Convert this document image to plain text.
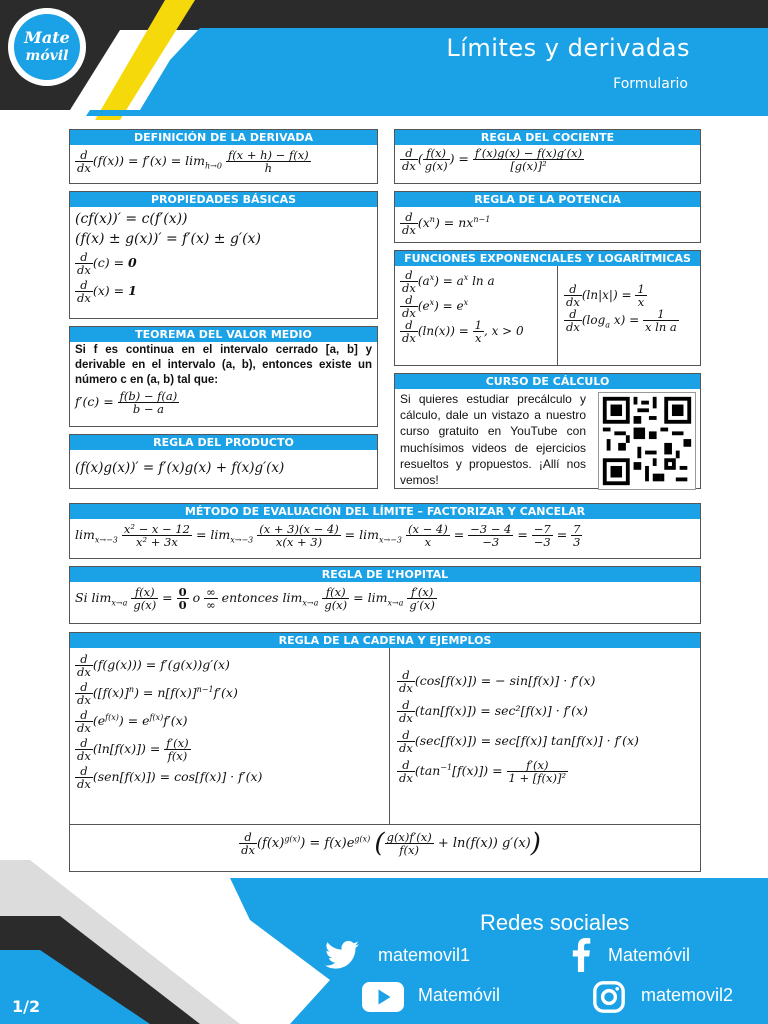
Mate
móvil	Límites y derivadas
Formulario
DEFINICIÓN DE LA DERIVADA
$\frac{d}{dx} (f(x)) = f'(x) = \lim_{h\to 0} \frac{f(x + h) - f(x)}{h}$
PROPIEDADES BÁSICAS
(cf(x))′ = c(f′(x))
(f(x) ± g(x))′ = f′(x) ± g′(x)
$\frac{d}{dx} (c) = 0$
$\frac{d}{dx} (x) = 1$
TEOREMA DEL VALOR MEDIO
Si f es continua en el intervalo cerrado [a, b] y derivable en el intervalo (a, b), entonces existe un número c en (a, b) tal que:
$f'(c) = \frac{f(b) - f(a)}{b - a}$
REGLA DEL PRODUCTO
(f(x)g(x))′ = f′(x)g(x) + f(x)g′(x)
REGLA DEL COCIENTE
$\frac{d}{dx}$ ( $\frac{f(x)}{g(x)}$ ) = $\frac{f'(x)g(x) - f(x)g'(x)}{\text{[g(x)]²}}$
REGLA DE LA POTENCIA
$\frac{d}{dx} (x^n) = nx^{n-1}$
FUNCIONES EXPONENCIALES Y LOGARÍTMICAS
$\frac{d}{dx} (a^x) = a^x$ ln a
$\frac{d}{dx} (e^x) = e^x$
$\frac{d}{dx} (\ln(x)) = \frac{1}{x}$ , x > 0
$\frac{d}{dx} (\ln|x|) = \frac{1}{x}$
$\frac{d}{dx} (\log_a$ $x) = \frac{1}{\text{x ln a}}$
CURSO DE CÁLCULO
Si quieres estudiar precálculo y cálculo, dale un vistazo a nuestro curso gratuito en YouTube con muchísimos videos de ejercicios resueltos y propuestos. ¡Allí nos vemos!
MÉTODO DE EVALUACIÓN DEL LÍMITE – FACTORIZAR Y CANCELAR
$\lim_{x\to-3} \frac{\text{x² − x − 12}}{\text{x² + 3x}} = \lim_{x\to-3} \frac{(x + 3)(x - 4)}{x(x + 3)} = \lim_{x\to-3} \frac{(x - 4)}{x} = \frac{-3 - 4}{-3} = \frac{-7}{-3} = \frac{7}{3}$
REGLA DE L’HOPITAL
Si $\lim_{x\to a} \frac{f(x)}{g(x)} = \frac{0}{0}$ o $\frac{\infty}{\infty}$ entonces $\lim_{x\to a} \frac{f(x)}{g(x)} = \lim_{x\to a} \frac{f'(x)}{g'(x)}$
REGLA DE LA CADENA Y EJEMPLOS
$\frac{d}{dx} (f(g(x))) = f'(g(x))g'(x)$
$\frac{d}{dx} ([f(x)]^n) = n[f(x)]^{n-1}f'(x)$
$\frac{d}{dx} (e^{f(x)}) = e^{f(x)}f'(x)$
$\frac{d}{dx} (\ln[f(x)]) = \frac{f'(x)}{f(x)}$
$\frac{d}{dx} (sen[f(x)]) = \cos[f(x)] \cdot f'(x)$
$\frac{d}{dx} (\cos[f(x)])$ = − sin[f(x)] · f′(x)
$\frac{d}{dx} (\tan[f(x)]) = \sec^2[f(x)] \cdot f'(x)$
$\frac{d}{dx} (\sec[f(x)]) = \sec[f(x)] \tan[f(x)] \cdot f'(x)$
$\frac{d}{dx} (\tan^{-1}[f(x)]) = \frac{f'(x)}{\text{1 + [f(x)]²}}$
$\frac{d}{dx} (f(x)^{g(x)}) = f(x)e^{g(x)}$ ( $\frac{g(x)f'(x)}{f(x)} + \ln(f(x))$ g′(x))
Redes sociales
matemovil1	Matemóvil
Matemóvil	matemovil2
1/2
